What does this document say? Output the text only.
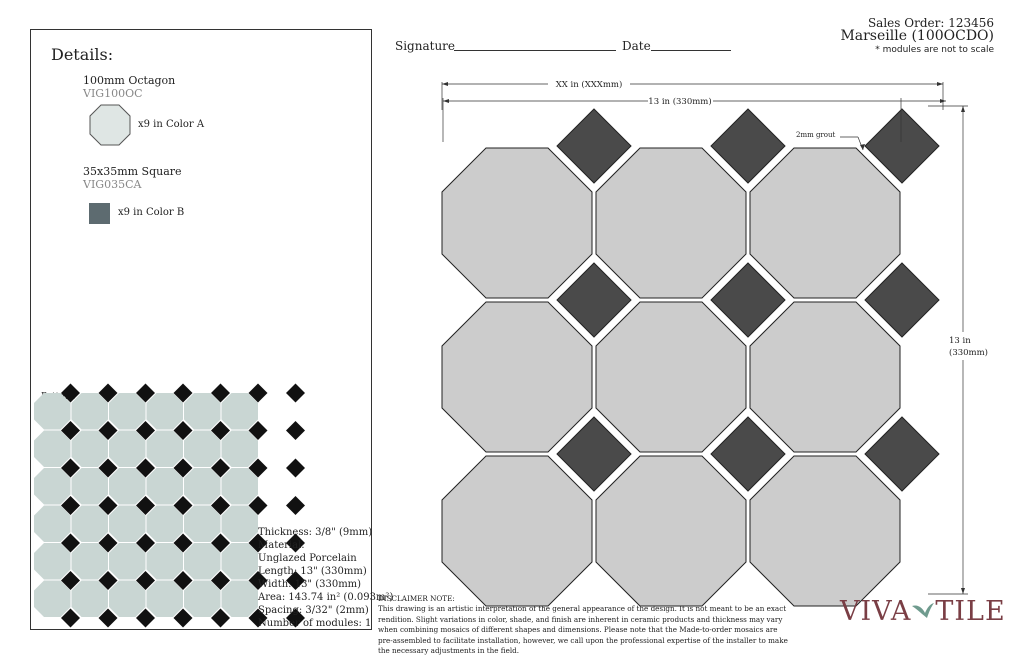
Details:
100mm Octagon
VIG100OC
x9 in Color A
35x35mm Square
VIG035CA
x9 in Color B
Thickness: 3/8" (9mm)
Material:
Unglazed Porcelain
Length: 13" (330mm)
Width: 13" (330mm)
Area: 143.74 in² (0.093m²)
Spacing: 3/32" (2mm)
Number of modules: 1
Signature	Date
Sales Order: 123456
Marseille (100OCDO)
* modules are not to scale
XX in (XXXmm)
13 in (330mm)
13 in
(330mm)
2mm grout
DISCLAIMER NOTE:
This drawing is an artistic interpretation of the general appearance of the design. It is not meant to be an exact
rendition. Slight variations in color, shade, and finish are inherent in ceramic products and thickness may vary
when combining mosaics of different shapes and dimensions. Please note that the Made-to-order mosaics are
pre-assembled to facilitate installation, however, we call upon the professional expertise of the installer to make
the necessary adjustments in the field.
VIVA TILE
